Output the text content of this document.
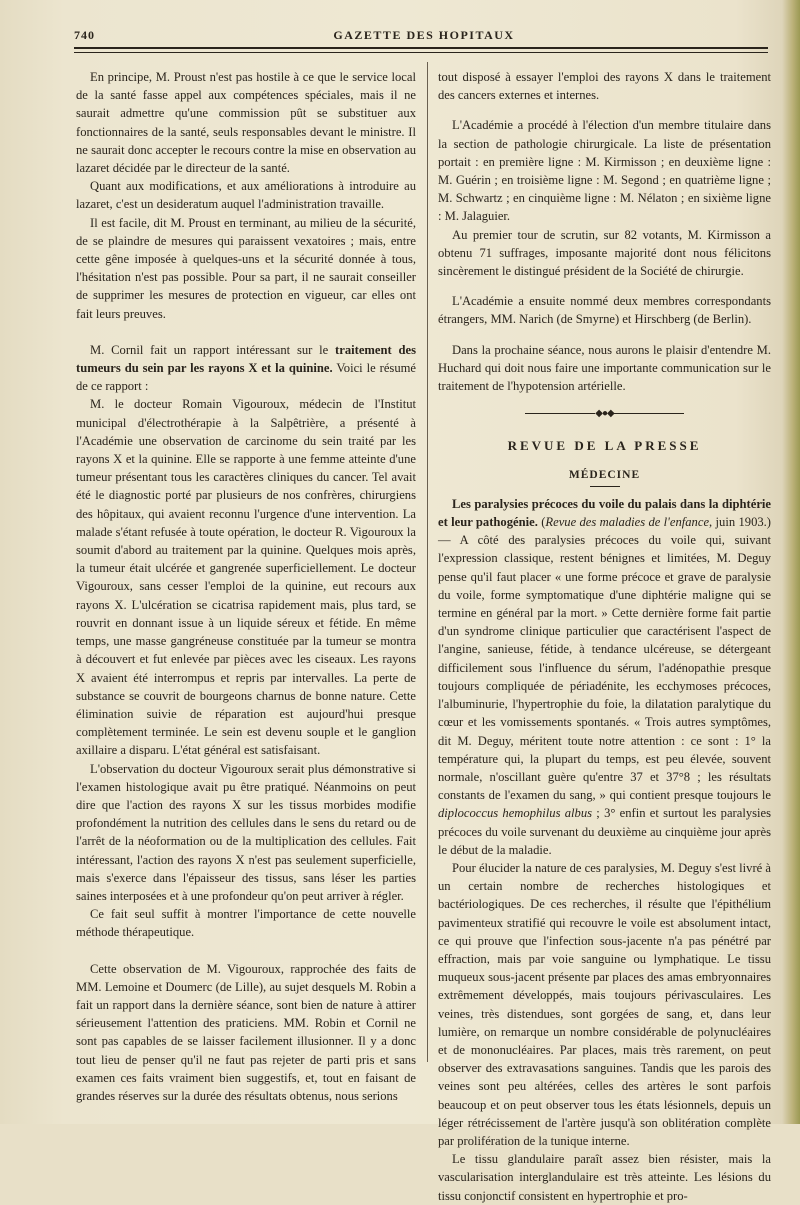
740	GAZETTE DES HOPITAUX

En principe, M. Proust n'est pas hostile à ce que le service local de la santé fasse appel aux compétences spéciales, mais il ne saurait admettre qu'une commission pût se substituer aux fonctionnaires de la santé, seuls responsables devant le ministre. Il ne saurait donc accepter le recours contre la mise en observation au lazaret décidée par le directeur de la santé.

Quant aux modifications, et aux améliorations à introduire au lazaret, c'est un desideratum auquel l'administration travaille.

Il est facile, dit M. Proust en terminant, au milieu de la sécurité, de se plaindre de mesures qui paraissent vexatoires ; mais, entre cette gêne imposée à quelques-uns et la sécurité donnée à tous, l'hésitation n'est pas possible. Pour sa part, il ne saurait conseiller de supprimer les mesures de protection en vigueur, car elles ont fait leurs preuves.

M. Cornil fait un rapport intéressant sur le traitement des tumeurs du sein par les rayons X et la quinine. Voici le résumé de ce rapport :

M. le docteur Romain Vigouroux, médecin de l'Institut municipal d'électrothérapie à la Salpêtrière, a présenté à l'Académie une observation de carcinome du sein traité par les rayons X et la quinine. Elle se rapporte à une femme atteinte d'une tumeur présentant tous les caractères cliniques du cancer. Tel avait été le diagnostic porté par plusieurs de nos confrères, chirurgiens des hôpitaux, qui avaient reconnu l'urgence d'une intervention. La malade s'étant refusée à toute opération, le docteur R. Vigouroux la soumit d'abord au traitement par la quinine. Quelques mois après, la tumeur était ulcérée et gangrenée superficiellement. Le docteur Vigouroux, sans cesser l'emploi de la quinine, eut recours aux rayons X. L'ulcération se cicatrisa rapidement mais, plus tard, se rouvrit en donnant issue à un liquide séreux et fétide. En même temps, une masse gangréneuse constituée par la tumeur se montra à découvert et fut enlevée par pièces avec les ciseaux. Les rayons X avaient été interrompus et repris par intervalles. La perte de substance se couvrit de bourgeons charnus de bonne nature. Cette élimination suivie de réparation est aujourd'hui presque complètement terminée. Le sein est devenu souple et le ganglion axillaire a disparu. L'état général est satisfaisant.

L'observation du docteur Vigouroux serait plus démonstrative si l'examen histologique avait pu être pratiqué. Néanmoins on peut dire que l'action des rayons X sur les tissus morbides modifie profondément la nutrition des cellules dans le sens du retard ou de l'arrêt de la néoformation ou de la multiplication des cellules. Fait intéressant, l'action des rayons X n'est pas seulement superficielle, mais s'exerce dans l'épaisseur des tissus, sans léser les parties saines interposées et à une profondeur qu'on peut arriver à régler.

Ce fait seul suffit à montrer l'importance de cette nouvelle méthode thérapeutique.

Cette observation de M. Vigouroux, rapprochée des faits de MM. Lemoine et Doumerc (de Lille), au sujet desquels M. Robin a fait un rapport dans la dernière séance, sont bien de nature à attirer sérieusement l'attention des praticiens. MM. Robin et Cornil ne sont pas capables de se laisser facilement illusionner. Il y a donc tout lieu de penser qu'il ne faut pas rejeter de parti pris et sans examen ces faits vraiment bien suggestifs, et, tout en faisant de grandes réserves sur la durée des résultats obtenus, nous serions

tout disposé à essayer l'emploi des rayons X dans le traitement des cancers externes et internes.

L'Académie a procédé à l'élection d'un membre titulaire dans la section de pathologie chirurgicale. La liste de présentation portait : en première ligne : M. Kirmisson ; en deuxième ligne : M. Guérin ; en troisième ligne : M. Segond ; en quatrième ligne ; M. Schwartz ; en cinquième ligne : M. Nélaton ; en sixième ligne : M. Jalaguier.

Au premier tour de scrutin, sur 82 votants, M. Kirmisson a obtenu 71 suffrages, imposante majorité dont nous félicitons sincèrement le distingué président de la Société de chirurgie.

L'Académie a ensuite nommé deux membres correspondants étrangers, MM. Narich (de Smyrne) et Hirschberg (de Berlin).

Dans la prochaine séance, nous aurons le plaisir d'entendre M. Huchard qui doit nous faire une importante communication sur le traitement de l'hypotension artérielle.

◆●◆
REVUE DE LA PRESSE
MÉDECINE

Les paralysies précoces du voile du palais dans la diphtérie et leur pathogénie. (Revue des maladies de l'enfance, juin 1903.) — A côté des paralysies précoces du voile qui, suivant l'expression classique, restent bénignes et limitées, M. Deguy pense qu'il faut placer « une forme précoce et grave de paralysie du voile, forme symptomatique d'une diphtérie maligne qui se termine en général par la mort. » Cette dernière forme fait partie d'un syndrome clinique particulier que caractérisent l'aspect de l'angine, sanieuse, fétide, à tendance ulcéreuse, se détergeant difficilement sous l'influence du sérum, l'adénopathie presque toujours compliquée de périadénite, les ecchymoses précoces, l'albuminurie, l'hypertrophie du foie, la dilatation paralytique du cœur et les vomissements spontanés. « Trois autres symptômes, dit M. Deguy, méritent toute notre attention : ce sont : 1° la température qui, la plupart du temps, est peu élevée, souvent normale, n'oscillant guère qu'entre 37 et 37°8 ; les résultats constants de l'examen du sang, » qui contient presque toujours le diplococcus hemophilus albus ; 3° enfin et surtout les paralysies précoces du voile survenant du deuxième au cinquième jour après le début de la maladie.

Pour élucider la nature de ces paralysies, M. Deguy s'est livré à un certain nombre de recherches histologiques et bactériologiques. De ces recherches, il résulte que l'épithélium pavimenteux stratifié qui recouvre le voile est absolument intact, ce qui prouve que l'infection sous-jacente n'a pas pénétré par effraction, mais par voie sanguine ou lymphatique. Le tissu muqueux sous-jacent présente par places des amas embryonnaires extrêmement développés, mais toujours périvasculaires. Les veines, très distendues, sont gorgées de sang, et, dans leur lumière, on remarque un nombre considérable de polynucléaires et de mononucléaires. Par places, mais très rarement, on peut observer des extravasations sanguines. Tandis que les parois des veines sont peu altérées, celles des artères le sont parfois beaucoup et on peut observer tous les états lésionnels, depuis un léger rétrécissement de l'artère jusqu'à son oblitération complète par prolifération de la tunique interne.

Le tissu glandulaire paraît assez bien résister, mais la vascularisation interglandulaire est très atteinte. Les lésions du tissu conjonctif consistent en hypertrophie et pro-
